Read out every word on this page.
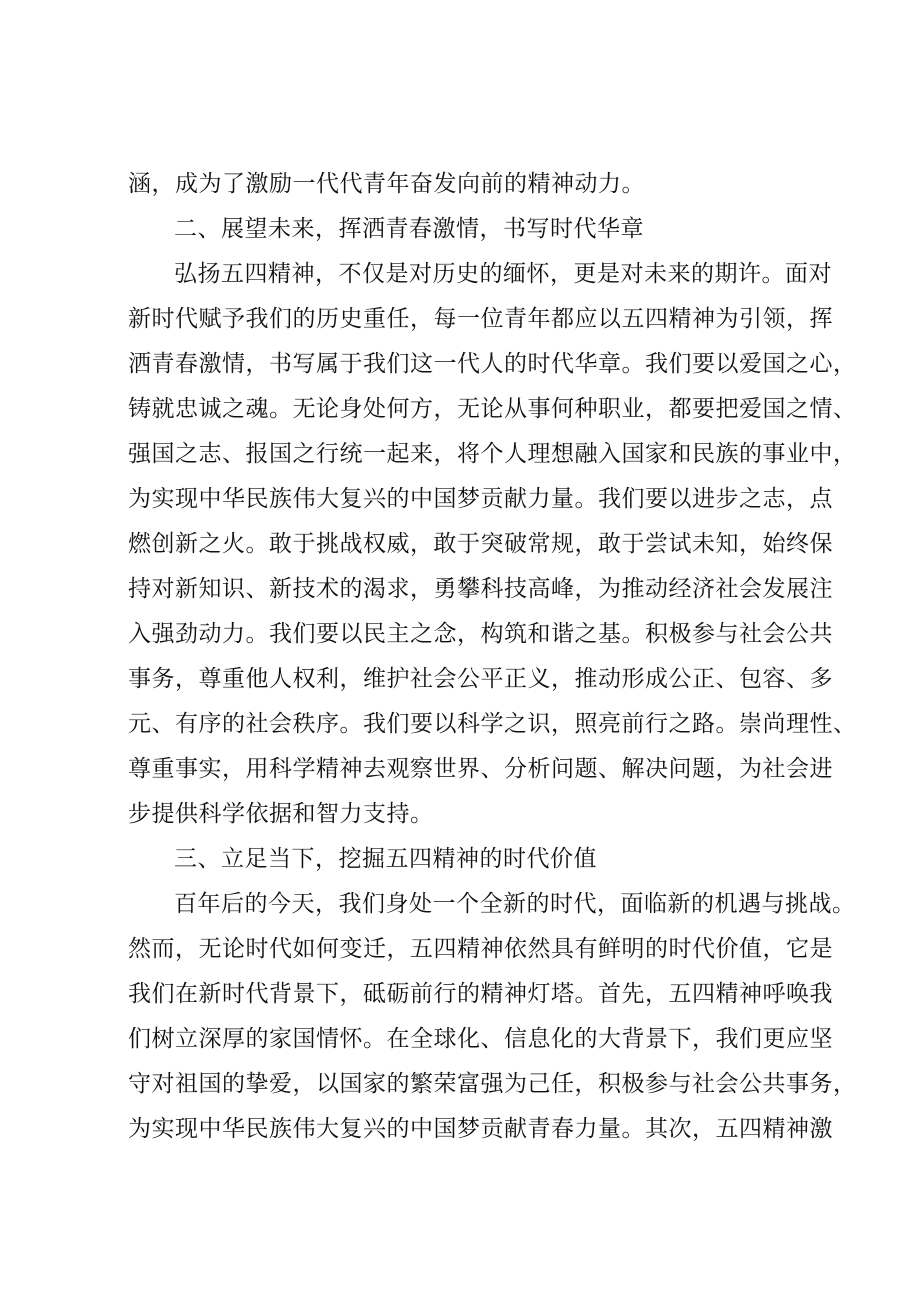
涵，成为了激励一代代青年奋发向前的精神动力。
二、展望未来，挥洒青春激情，书写时代华章
弘扬五四精神，不仅是对历史的缅怀，更是对未来的期许。面对
新时代赋予我们的历史重任，每一位青年都应以五四精神为引领，挥
洒青春激情，书写属于我们这一代人的时代华章。我们要以爱国之心，
铸就忠诚之魂。无论身处何方，无论从事何种职业，都要把爱国之情、
强国之志、报国之行统一起来，将个人理想融入国家和民族的事业中，
为实现中华民族伟大复兴的中国梦贡献力量。我们要以进步之志，点
燃创新之火。敢于挑战权威，敢于突破常规，敢于尝试未知，始终保
持对新知识、新技术的渴求，勇攀科技高峰，为推动经济社会发展注
入强劲动力。我们要以民主之念，构筑和谐之基。积极参与社会公共
事务，尊重他人权利，维护社会公平正义，推动形成公正、包容、多
元、有序的社会秩序。我们要以科学之识，照亮前行之路。崇尚理性、
尊重事实，用科学精神去观察世界、分析问题、解决问题，为社会进
步提供科学依据和智力支持。
三、立足当下，挖掘五四精神的时代价值
百年后的今天，我们身处一个全新的时代，面临新的机遇与挑战。
然而，无论时代如何变迁，五四精神依然具有鲜明的时代价值，它是
我们在新时代背景下，砥砺前行的精神灯塔。首先，五四精神呼唤我
们树立深厚的家国情怀。在全球化、信息化的大背景下，我们更应坚
守对祖国的挚爱，以国家的繁荣富强为己任，积极参与社会公共事务，
为实现中华民族伟大复兴的中国梦贡献青春力量。其次，五四精神激
